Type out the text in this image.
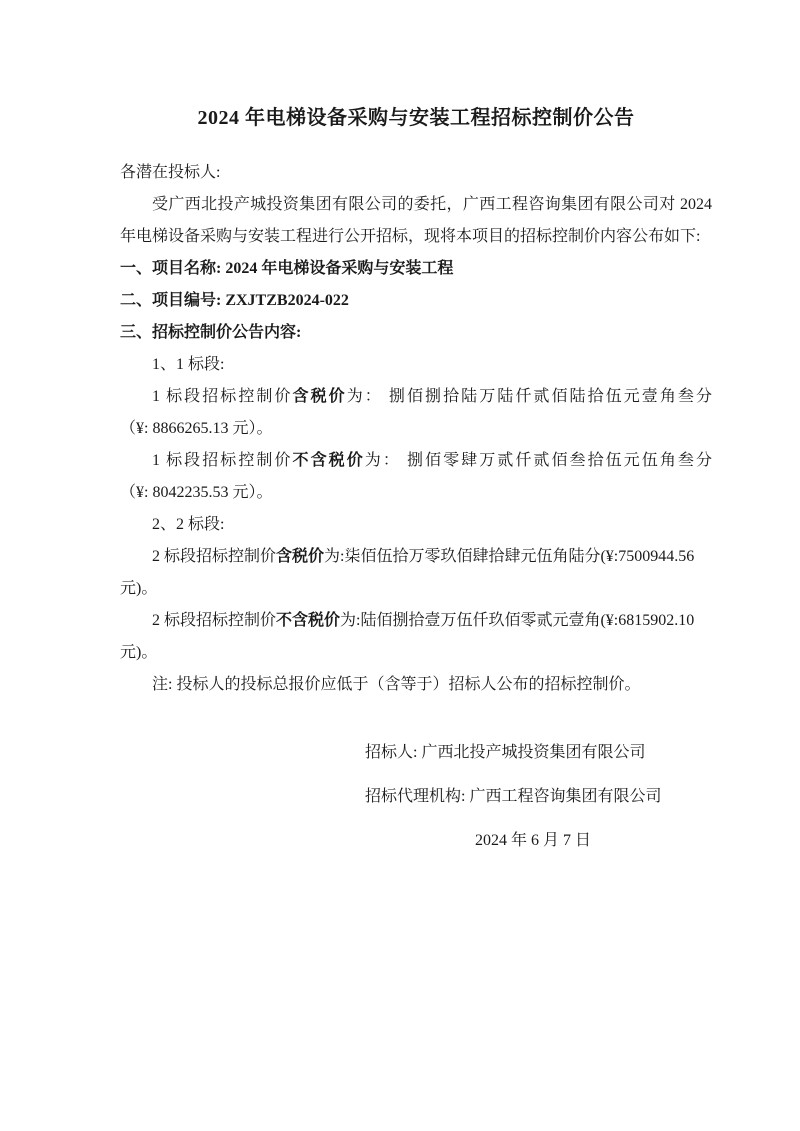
2024 年电梯设备采购与安装工程招标控制价公告
各潜在投标人:
受广西北投产城投资集团有限公司的委托，广西工程咨询集团有限公司对 2024
年电梯设备采购与安装工程进行公开招标，现将本项目的招标控制价内容公布如下:
一、项目名称: 2024 年电梯设备采购与安装工程
二、项目编号: ZXJTZB2024-022
三、招标控制价公告内容:
1、1 标段:
1 标段招标控制价含税价为： 捌佰捌拾陆万陆仟贰佰陆拾伍元壹角叁分
（¥: 8866265.13 元）。
1 标段招标控制价不含税价为： 捌佰零肆万贰仟贰佰叁拾伍元伍角叁分
（¥: 8042235.53 元）。
2、2 标段:
2 标段招标控制价含税价为:柒佰伍拾万零玖佰肆拾肆元伍角陆分(¥:7500944.56
元)。
2 标段招标控制价不含税价为:陆佰捌拾壹万伍仟玖佰零贰元壹角(¥:6815902.10
元)。
注: 投标人的投标总报价应低于（含等于）招标人公布的招标控制价。
招标人: 广西北投产城投资集团有限公司
招标代理机构: 广西工程咨询集团有限公司
2024 年 6 月 7 日
